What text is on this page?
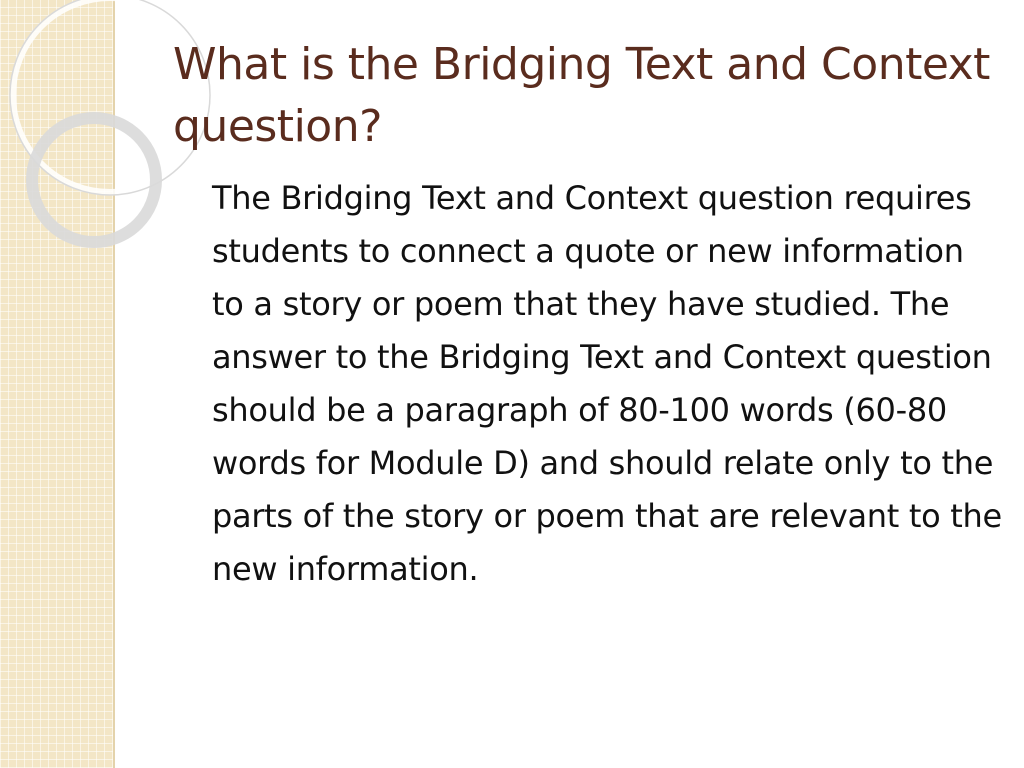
What is the Bridging Text and Context question?

The Bridging Text and Context question requires students to connect a quote or new information to a story or poem that they have studied. The answer to the Bridging Text and Context question should be a paragraph of 80-100 words (60-80 words for Module D) and should relate only to the parts of the story or poem that are relevant to the new information.
